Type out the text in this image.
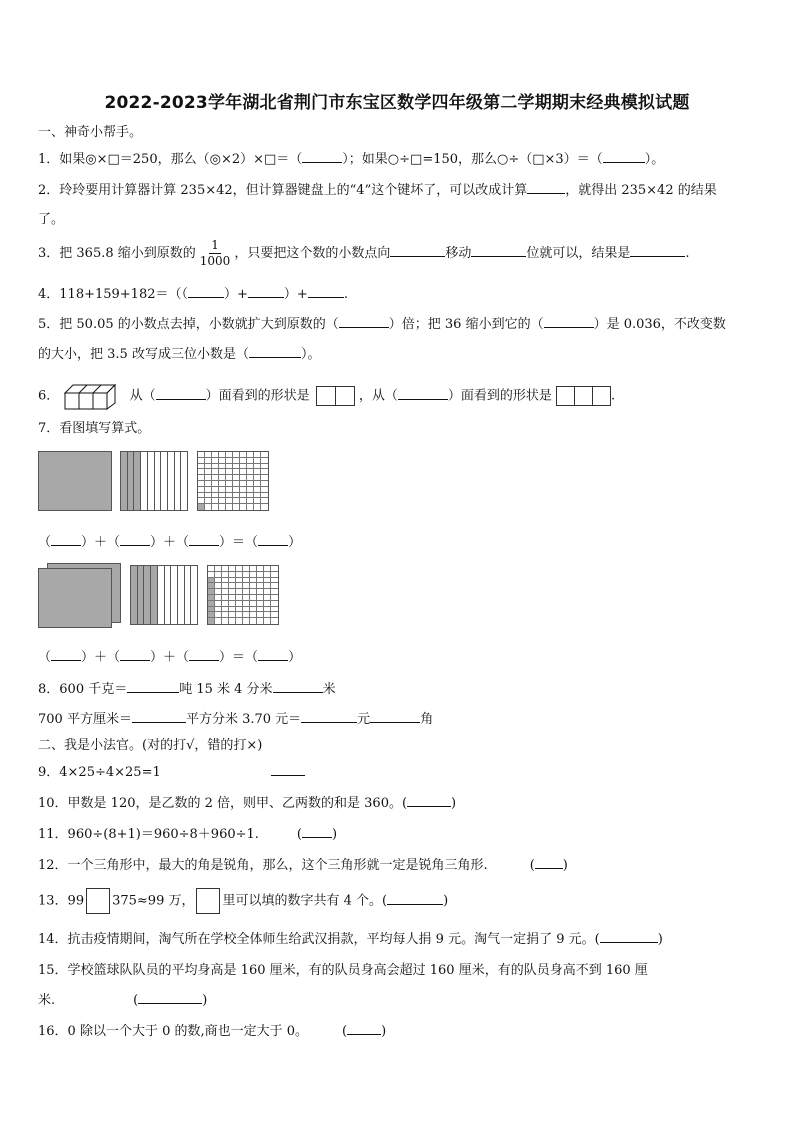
2022-2023学年湖北省荆门市东宝区数学四年级第二学期期末经典模拟试题
一、神奇小帮手。
1．如果◎×□＝250，那么（◎×2）×□＝（	）；如果○÷□=150，那么○÷（□×3）＝（	）。
2．玲玲要用计算器计算 235×42，但计算器键盘上的“4”这个键坏了，可以改成计算	，就得出 235×42 的结果
了。
3．把 365.8 缩小到原数的 $\frac{1}{1000}$ ，只要把这个数的小数点向	移动	位就可以，结果是	.
4．118+159+182＝（（	）+	）+	.
5．把 50.05 的小数点去掉，小数就扩大到原数的（	）倍；把 36 缩小到它的（	）是 0.036，不改变数
的大小，把 3.5 改写成三位小数是（	）。
6．	从（	）面看到的形状是	，从（	）面看到的形状是	.
7．看图填写算式。
（ ）＋（ ）＋（ ）＝（ ）
（ ）＋（ ）＋（ ）＝（ ）
8．600 千克＝	吨 15 米 4 分米	米
700 平方厘米＝	平方分米 3.70 元＝	元	角
二、我是小法官。(对的打√，错的打×)
9．4×25÷4×25=1
10．甲数是 120，是乙数的 2 倍，则甲、乙两数的和是 360。(	)
11．960÷(8+1)＝960÷8＋960÷1.	( )
12．一个三角形中，最大的角是锐角，那么，这个三角形就一定是锐角三角形.	( )
13．99 375≈99 万， 里可以填的数字共有 4 个。(	)
14．抗击疫情期间，淘气所在学校全体师生给武汉捐款，平均每人捐 9 元。淘气一定捐了 9 元。(	)
15．学校篮球队队员的平均身高是 160 厘米，有的队员身高会超过 160 厘米，有的队员身高不到 160 厘
米.	(	)
16．0 除以一个大于 0 的数,商也一定大于 0。	(	)
